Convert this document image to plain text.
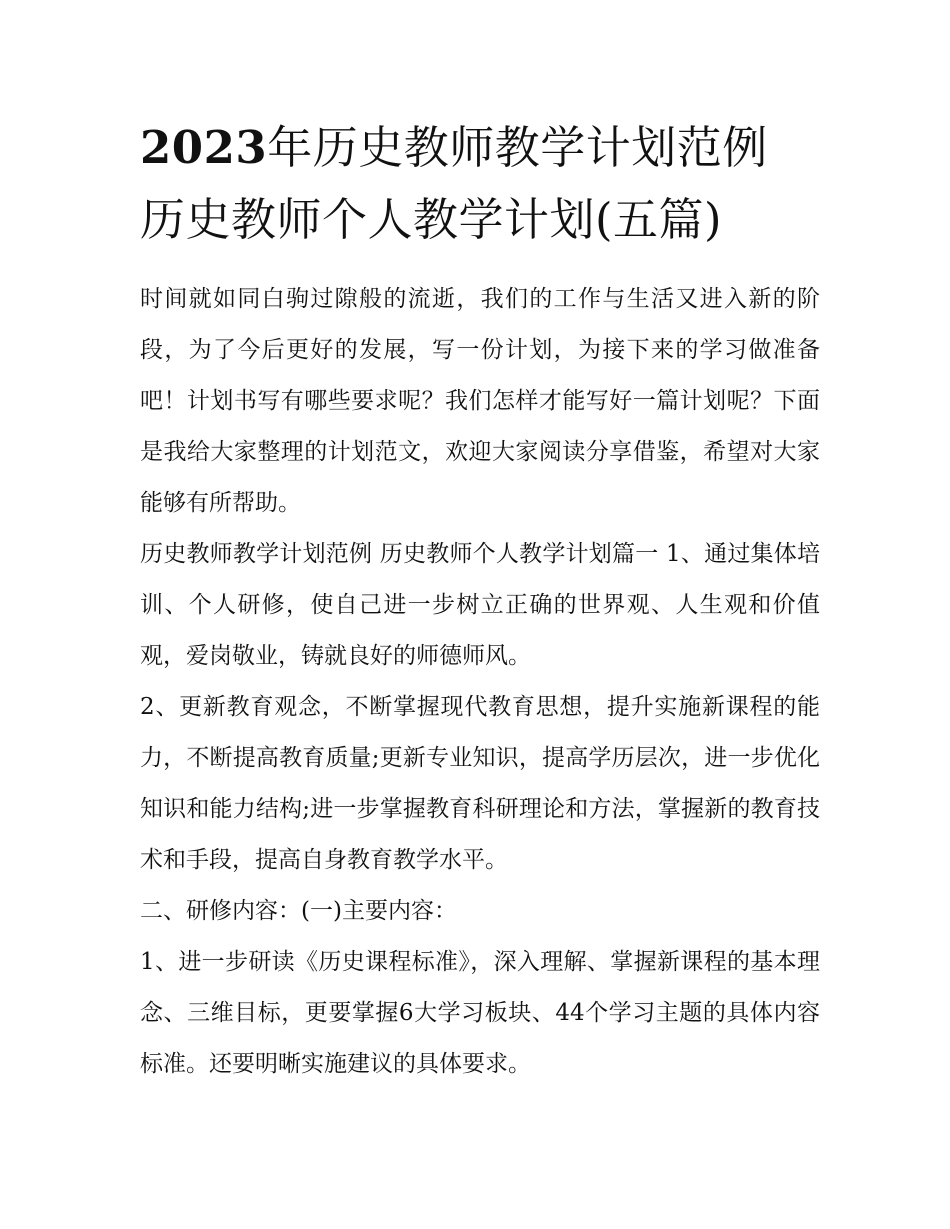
2023年历史教师教学计划范例 历史教师个人教学计划(五篇)

时间就如同白驹过隙般的流逝，我们的工作与生活又进入新的阶段，为了今后更好的发展，写一份计划，为接下来的学习做准备吧！计划书写有哪些要求呢？我们怎样才能写好一篇计划呢？下面是我给大家整理的计划范文，欢迎大家阅读分享借鉴，希望对大家能够有所帮助。

历史教师教学计划范例 历史教师个人教学计划篇一 1、通过集体培训、个人研修，使自己进一步树立正确的世界观、人生观和价值观，爱岗敬业，铸就良好的师德师风。

2、更新教育观念，不断掌握现代教育思想，提升实施新课程的能力，不断提高教育质量;更新专业知识，提高学历层次，进一步优化知识和能力结构;进一步掌握教育科研理论和方法，掌握新的教育技术和手段，提高自身教育教学水平。

二、研修内容：(一)主要内容：

1、进一步研读《历史课程标准》，深入理解、掌握新课程的基本理念、三维目标，更要掌握6大学习板块、44个学习主题的具体内容标准。还要明晰实施建议的具体要求。
